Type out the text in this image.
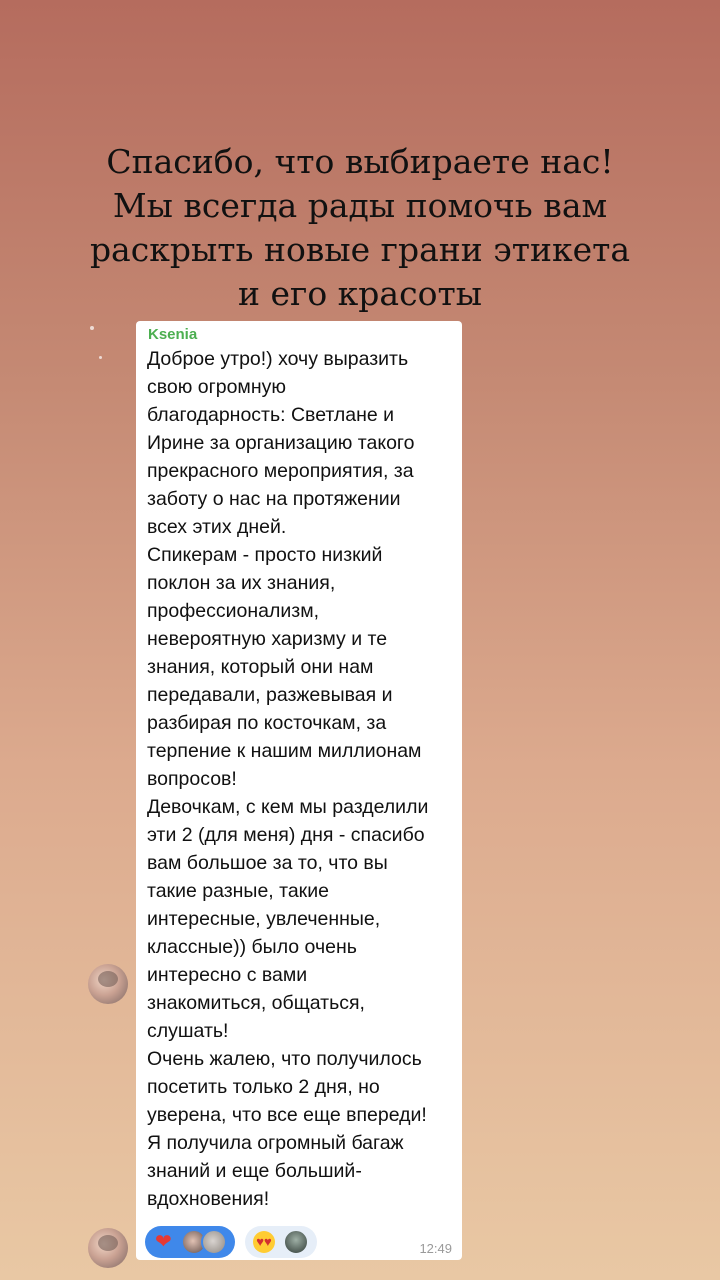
Спасибо, что выбираете нас!
Мы всегда рады помочь вам
раскрыть новые грани этикета
и его красоты
Ksenia
Доброе утро!) хочу выразить
свою огромную
благодарность: Светлане и
Ирине за организацию такого
прекрасного мероприятия, за
заботу о нас на протяжении
всех этих дней.
Спикерам - просто низкий
поклон за их знания,
профессионализм,
невероятную харизму и те
знания, который они нам
передавали, разжевывая и
разбирая по косточкам, за
терпение к нашим миллионам
вопросов!
Девочкам, с кем мы разделили
эти 2 (для меня) дня - спасибо
вам большое за то, что вы
такие разные, такие
интересные, увлеченные,
классные)) было очень
интересно с вами
знакомиться, общаться,
слушать!
Очень жалею, что получилось
посетить только 2 дня, но
уверена, что все еще впереди!
Я получила огромный багаж
знаний и еще больший-
вдохновения!
❤	♥♥	12:49
